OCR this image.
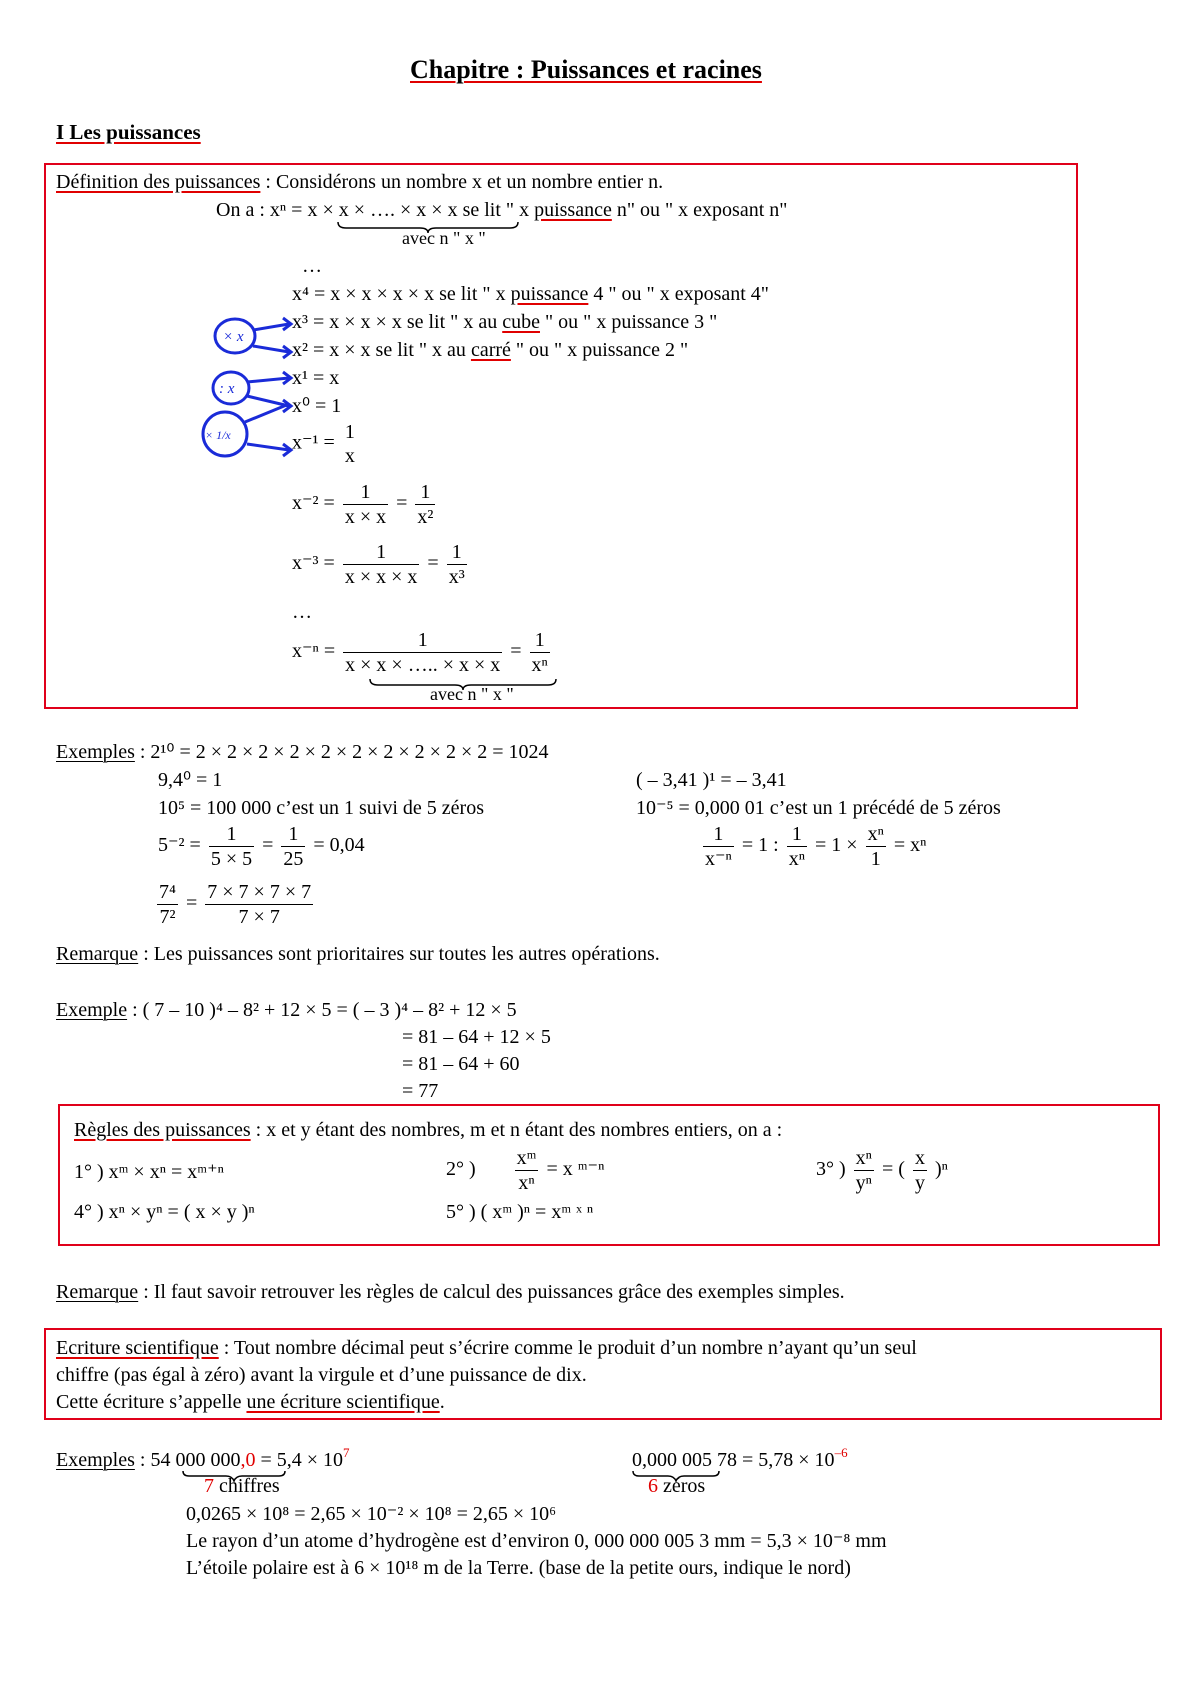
Chapitre : Puissances et racines
I Les puissances
Définition des puissances : Considérons un nombre x et un nombre entier n.
On a : xⁿ = x × x × …. × x × x se lit " x puissance n" ou " x exposant n"
avec n " x "
…
x⁴ = x × x × x × x se lit " x puissance 4 " ou " x exposant 4"
x³ = x × x × x se lit " x au cube " ou " x puissance 3 "
x² = x × x se lit " x au carré " ou " x puissance 2 "
x¹ = x
x⁰ = 1
x⁻¹ = 1
x
$x^{-2} = \frac{1}{x \times x} = \frac{1}{\text{x²}}$
$x^{-3} = \frac{1}{x \times x \times x} = \frac{1}{\text{x³}}$
…
$x^{-n} = \frac{1}{x \times x \times \dots.. \times x \times x} = \frac{1}{\text{xⁿ}}$
avec n " x "
× x
: x
× 1/x
Exemples : 2¹⁰ = 2 × 2 × 2 × 2 × 2 × 2 × 2 × 2 × 2 × 2 = 1024
9,4⁰ = 1	( – 3,41 )¹ = – 3,41
10⁵ = 100 000 c’est un 1 suivi de 5 zéros	10⁻⁵ = 0,000 01 c’est un 1 précédé de 5 zéros
$5^{-2} = \frac{1}{5 \times 5} = \frac{1}{25} = 0,04$	$\frac{1}{\text{x⁻ⁿ}} = 1$ : $\frac{1}{\text{xⁿ}} = 1 \times \frac{\text{xⁿ}}{1} = x^n$
$\frac{\text{7⁴}}{\text{7²}} = \frac{7 \times 7 \times 7 \times 7}{7 \times 7}$
Remarque : Les puissances sont prioritaires sur toutes les autres opérations.
Exemple : ( 7 – 10 )⁴ – 8² + 12 × 5 = ( – 3 )⁴ – 8² + 12 × 5
= 81 – 64 + 12 × 5
= 81 – 64 + 60
= 77
Règles des puissances : x et y étant des nombres, m et n étant des nombres entiers, on a :
1° ) xᵐ × xⁿ = xᵐ⁺ⁿ	2° ) $\frac{\text{xᵐ}}{\text{xⁿ}} = x$ ᵐ⁻ⁿ	3° ) $\frac{\text{xⁿ}}{\text{yⁿ}}$ = ( $\frac{x}{y} )^n$
4° ) xⁿ × yⁿ = ( x × y )ⁿ	5° ) ( xᵐ )ⁿ = xᵐ ˣ ⁿ
Remarque : Il faut savoir retrouver les règles de calcul des puissances grâce des exemples simples.
Ecriture scientifique : Tout nombre décimal peut s’écrire comme le produit d’un nombre n’ayant qu’un seul
chiffre (pas égal à zéro) avant la virgule et d’une puissance de dix.
Cette écriture s’appelle une écriture scientifique.
Exemples : 54 000 $000,0 = 5,4 \times 10^7$
7 chiffres
0,000 005 $78 = 5,78 \times 10^{-6}$
6 zéros
0,0265 × 10⁸ = 2,65 × 10⁻² × 10⁸ = 2,65 × 10⁶
Le rayon d’un atome d’hydrogène est d’environ 0, 000 000 005 3 mm = 5,3 × 10⁻⁸ mm
L’étoile polaire est à 6 × 10¹⁸ m de la Terre. (base de la petite ours, indique le nord)
